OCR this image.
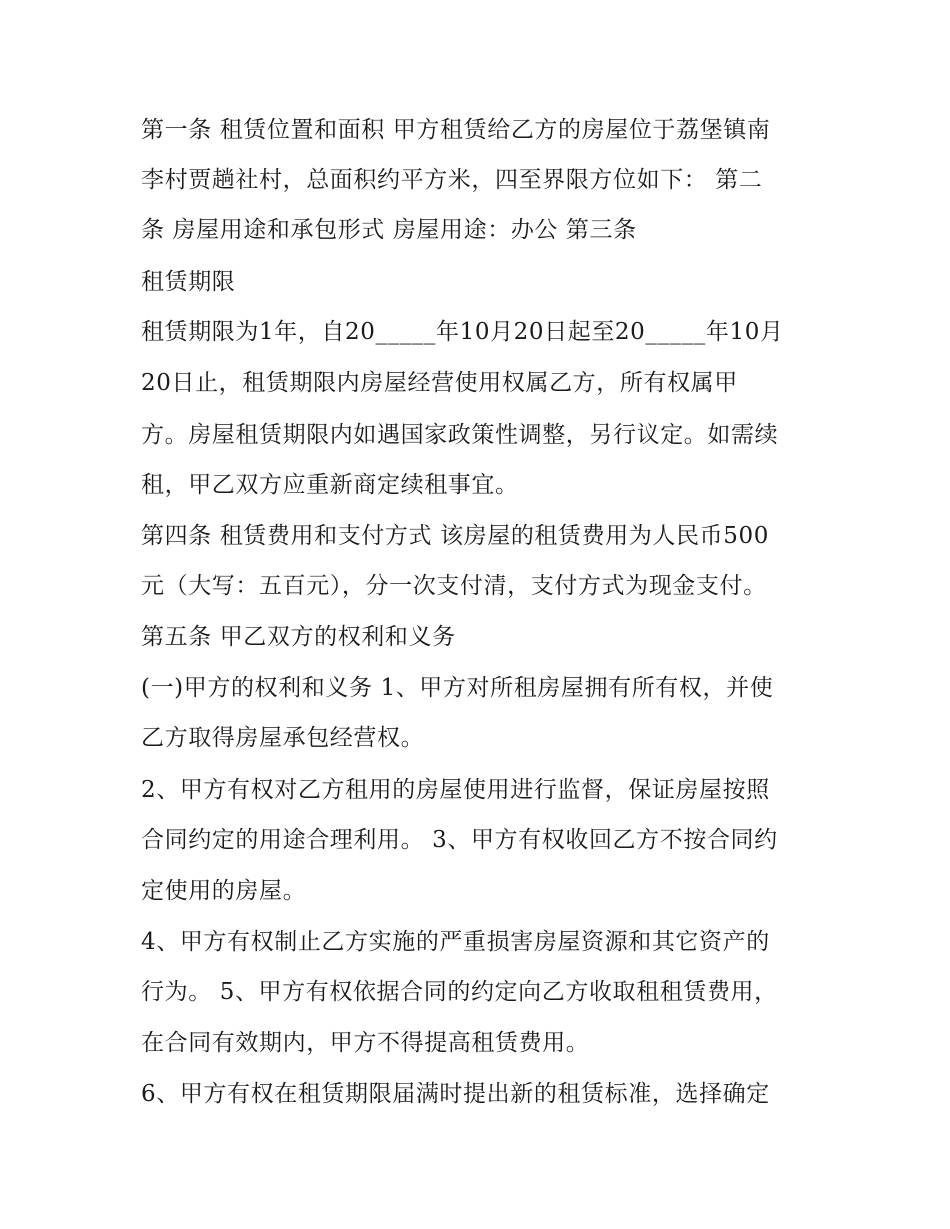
第一条 租赁位置和面积 甲方租赁给乙方的房屋位于荔堡镇南

李村贾趟社村，总面积约平方米，四至界限方位如下： 第二

条 房屋用途和承包形式 房屋用途：办公 第三条

租赁期限

租赁期限为1年，自20_____年10月20日起至20_____年10月

20日止，租赁期限内房屋经营使用权属乙方，所有权属甲

方。房屋租赁期限内如遇国家政策性调整，另行议定。如需续

租，甲乙双方应重新商定续租事宜。

第四条 租赁费用和支付方式 该房屋的租赁费用为人民币500

元（大写：五百元），分一次支付清，支付方式为现金支付。

第五条 甲乙双方的权利和义务

(一)甲方的权利和义务 1、甲方对所租房屋拥有所有权，并使

乙方取得房屋承包经营权。

2、甲方有权对乙方租用的房屋使用进行监督，保证房屋按照

合同约定的用途合理利用。 3、甲方有权收回乙方不按合同约

定使用的房屋。

4、甲方有权制止乙方实施的严重损害房屋资源和其它资产的

行为。 5、甲方有权依据合同的约定向乙方收取租租赁费用，

在合同有效期内，甲方不得提高租赁费用。

6、甲方有权在租赁期限届满时提出新的租赁标准，选择确定
